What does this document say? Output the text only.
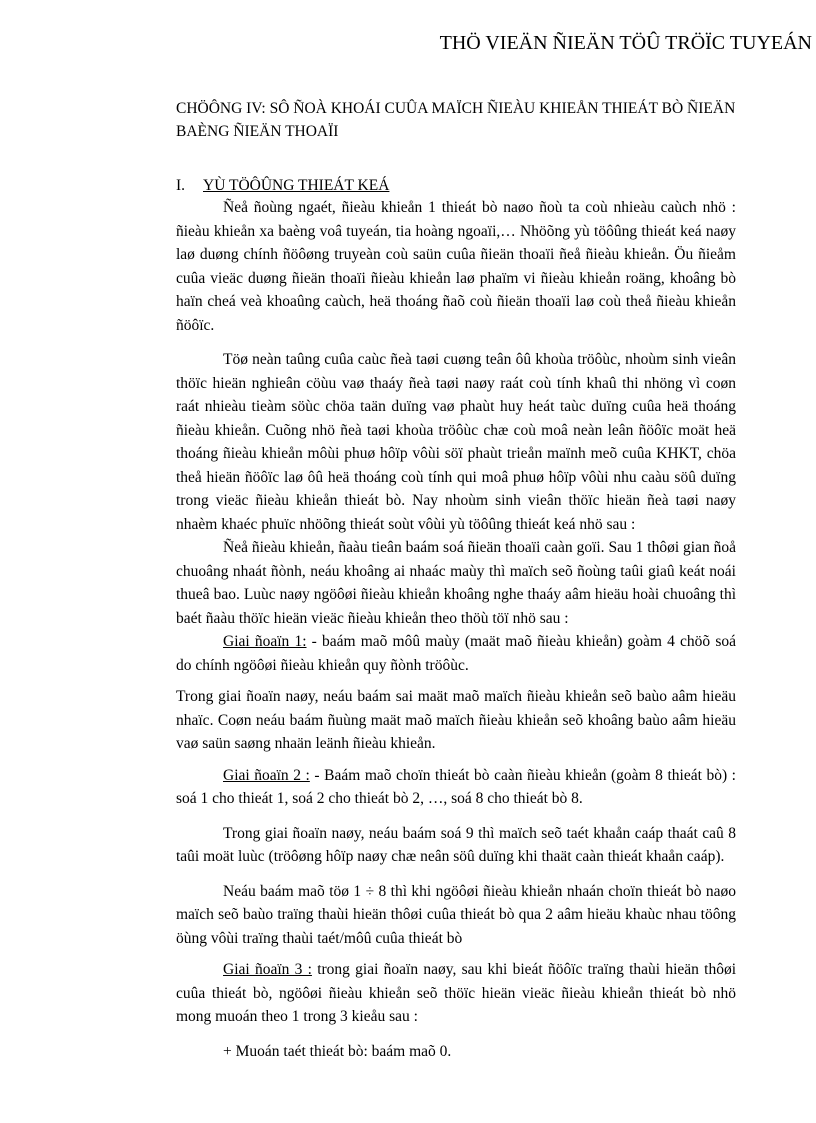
THÖ VIEÄN ÑIEÄN TÖÛ TRÖÏC TUYEÁN
CHÖÔNG IV: SÔ ÑOÀ KHOÁI CUÛA MAÏCH ÑIEÀU KHIEÅN THIEÁT BÒ ÑIEÄN BAÈNG ÑIEÄN THOAÏI
I. YÙ TÖÔÛNG THIEÁT KEÁ

Ñeå ñoùng ngaét, ñieàu khieån 1 thieát bò naøo ñoù ta coù nhieàu caùch nhö : ñieàu khieån xa baèng voâ tuyeán, tia hoàng ngoaïi,… Nhöõng yù töôûng thieát keá naøy laø duøng chính ñöôøng truyeàn coù saün cuûa ñieän thoaïi ñeå ñieàu khieån. Öu ñieåm cuûa vieäc duøng ñieän thoaïi ñieàu khieån laø phaïm vi ñieàu khieån roäng, khoâng bò haïn cheá veà khoaûng caùch, heä thoáng ñaõ coù ñieän thoaïi laø coù theå ñieàu khieån ñöôïc.

Töø neàn taûng cuûa caùc ñeà taøi cuøng teân ôû khoùa tröôùc, nhoùm sinh vieân thöïc hieän nghieân cöùu vaø thaáy ñeà taøi naøy raát coù tính khaû thi nhöng vì coøn raát nhieàu tieàm söùc chöa taän duïng vaø phaùt huy heát taùc duïng cuûa heä thoáng ñieàu khieån. Cuõng nhö ñeà taøi khoùa tröôùc chæ coù moâ neàn leân ñöôïc moät heä thoáng ñieàu khieån môùi phuø hôïp vôùi söï phaùt trieån maïnh meõ cuûa KHKT, chöa theå hieän ñöôïc laø ôû heä thoáng coù tính qui moâ phuø hôïp vôùi nhu caàu söû duïng trong vieäc ñieàu khieån thieát bò. Nay nhoùm sinh vieân thöïc hieän ñeà taøi naøy nhaèm khaéc phuïc nhöõng thieát soùt vôùi yù töôûng thieát keá nhö sau :

Ñeå ñieàu khieån, ñaàu tieân baám soá ñieän thoaïi caàn goïi. Sau 1 thôøi gian ñoå chuoâng nhaát ñònh, neáu khoâng ai nhaác maùy thì maïch seõ ñoùng taûi giaû keát noái thueâ bao. Luùc naøy ngöôøi ñieàu khieån khoâng nghe thaáy aâm hieäu hoài chuoâng thì baét ñaàu thöïc hieän vieäc ñieàu khieån theo thöù töï nhö sau :

Giai ñoaïn 1: - baám maõ môû maùy (maät maõ ñieàu khieån) goàm 4 chöõ soá do chính ngöôøi ñieàu khieån quy ñònh tröôùc.

Trong giai ñoaïn naøy, neáu baám sai maät maõ maïch ñieàu khieån seõ baùo aâm hieäu nhaïc. Coøn neáu baám ñuùng maät maõ maïch ñieàu khieån seõ khoâng baùo aâm hieäu vaø saün saøng nhaän leänh ñieàu khieån.

Giai ñoaïn 2 : - Baám maõ choïn thieát bò caàn ñieàu khieån (goàm 8 thieát bò) : soá 1 cho thieát 1, soá 2 cho thieát bò 2, …, soá 8 cho thieát bò 8.

Trong giai ñoaïn naøy, neáu baám soá 9 thì maïch seõ taét khaån caáp thaát caû 8 taûi moät luùc (tröôøng hôïp naøy chæ neân söû duïng khi thaät caàn thieát khaån caáp).

Neáu baám maõ töø 1 ÷ 8 thì khi ngöôøi ñieàu khieån nhaán choïn thieát bò naøo maïch seõ baùo traïng thaùi hieän thôøi cuûa thieát bò qua 2 aâm hieäu khaùc nhau töông öùng vôùi traïng thaùi taét/môû cuûa thieát bò

Giai ñoaïn 3 : trong giai ñoaïn naøy, sau khi bieát ñöôïc traïng thaùi hieän thôøi cuûa thieát bò, ngöôøi ñieàu khieån seõ thöïc hieän vieäc ñieàu khieån thieát bò nhö mong muoán theo 1 trong 3 kieåu sau :

+ Muoán taét thieát bò: baám maõ 0.
